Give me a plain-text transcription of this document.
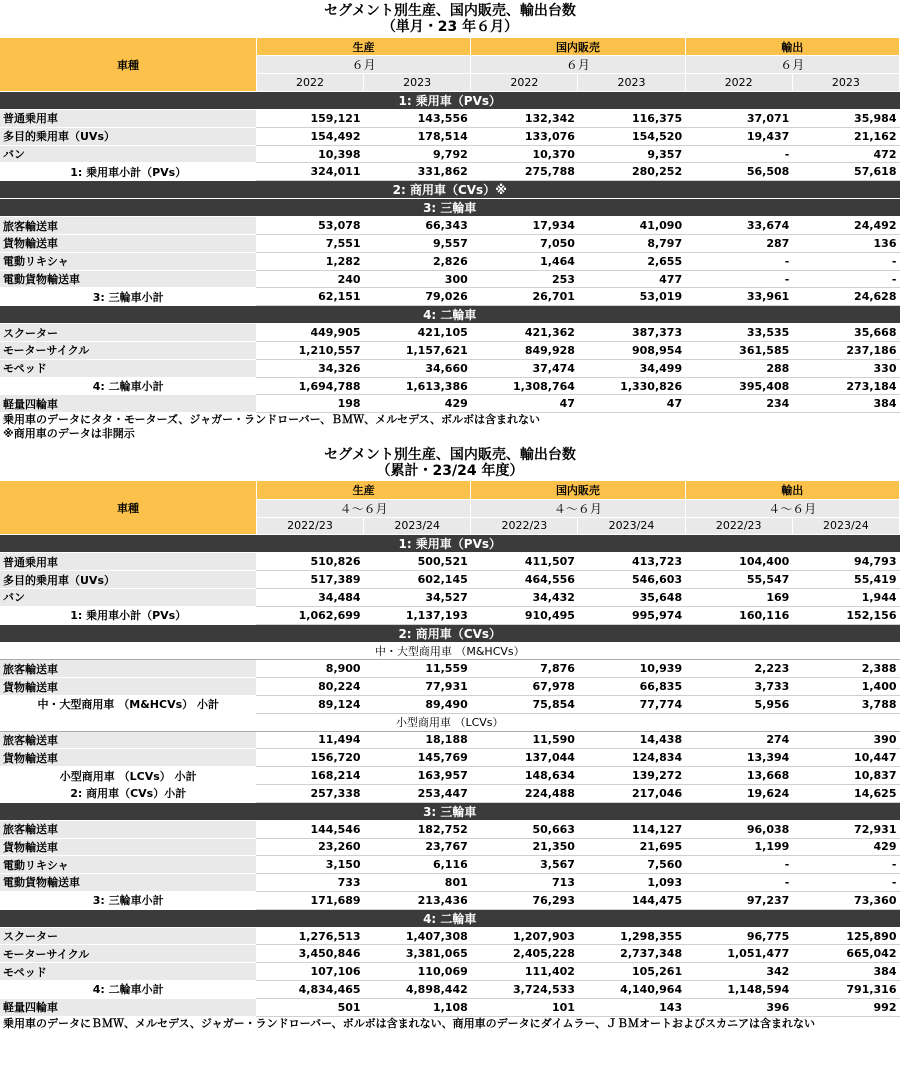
セグメント別生産、国内販売、輸出台数
（単月・23 年６月）
車種	生産		国内販売		輸出	
	６月		６月		６月	
	2022	2023	2022	2023	2022	2023
1: 乗用車（PVs）						
普通乗用車	159,121	143,556	132,342	116,375	37,071	35,984
多目的乗用車（UVs）	154,492	178,514	133,076	154,520	19,437	21,162
バン	10,398	9,792	10,370	9,357	-	472
1: 乗用車小計（PVs）	324,011	331,862	275,788	280,252	56,508	57,618
2: 商用車（CVs）※						
3: 三輪車						
旅客輸送車	53,078	66,343	17,934	41,090	33,674	24,492
貨物輸送車	7,551	9,557	7,050	8,797	287	136
電動リキシャ	1,282	2,826	1,464	2,655	-	-
電動貨物輸送車	240	300	253	477	-	-
3: 三輪車小計	62,151	79,026	26,701	53,019	33,961	24,628
4: 二輪車						
スクーター	449,905	421,105	421,362	387,373	33,535	35,668
モーターサイクル	1,210,557	1,157,621	849,928	908,954	361,585	237,186
モペッド	34,326	34,660	37,474	34,499	288	330
4: 二輪車小計	1,694,788	1,613,386	1,308,764	1,330,826	395,408	273,184
軽量四輪車	198	429	47	47	234	384
乗用車のデータにタタ・モーターズ、ジャガー・ランドローバー、ＢＭＷ、メルセデス、ボルボは含まれない
※商用車のデータは非開示
セグメント別生産、国内販売、輸出台数
（累計・23/24 年度）
車種	生産		国内販売		輸出	
	４～６月		４～６月		４～６月	
	2022/23	2023/24	2022/23	2023/24	2022/23	2023/24
1: 乗用車（PVs）						
普通乗用車	510,826	500,521	411,507	413,723	104,400	94,793
多目的乗用車（UVs）	517,389	602,145	464,556	546,603	55,547	55,419
バン	34,484	34,527	34,432	35,648	169	1,944
1: 乗用車小計（PVs）	1,062,699	1,137,193	910,495	995,974	160,116	152,156
2: 商用車（CVs）						
中・大型商用車 （M&HCVs）						
旅客輸送車	8,900	11,559	7,876	10,939	2,223	2,388
貨物輸送車	80,224	77,931	67,978	66,835	3,733	1,400
中・大型商用車 （M&HCVs） 小計	89,124	89,490	75,854	77,774	5,956	3,788
小型商用車 （LCVs）						
旅客輸送車	11,494	18,188	11,590	14,438	274	390
貨物輸送車	156,720	145,769	137,044	124,834	13,394	10,447
小型商用車 （LCVs） 小計	168,214	163,957	148,634	139,272	13,668	10,837
2: 商用車（CVs）小計	257,338	253,447	224,488	217,046	19,624	14,625
3: 三輪車						
旅客輸送車	144,546	182,752	50,663	114,127	96,038	72,931
貨物輸送車	23,260	23,767	21,350	21,695	1,199	429
電動リキシャ	3,150	6,116	3,567	7,560	-	-
電動貨物輸送車	733	801	713	1,093	-	-
3: 三輪車小計	171,689	213,436	76,293	144,475	97,237	73,360
4: 二輪車						
スクーター	1,276,513	1,407,308	1,207,903	1,298,355	96,775	125,890
モーターサイクル	3,450,846	3,381,065	2,405,228	2,737,348	1,051,477	665,042
モペッド	107,106	110,069	111,402	105,261	342	384
4: 二輪車小計	4,834,465	4,898,442	3,724,533	4,140,964	1,148,594	791,316
軽量四輪車	501	1,108	101	143	396	992
乗用車のデータにＢＭＷ、メルセデス、ジャガー・ランドローバー、ボルボは含まれない、商用車のデータにダイムラー、ＪＢＭオートおよびスカニアは含まれない
